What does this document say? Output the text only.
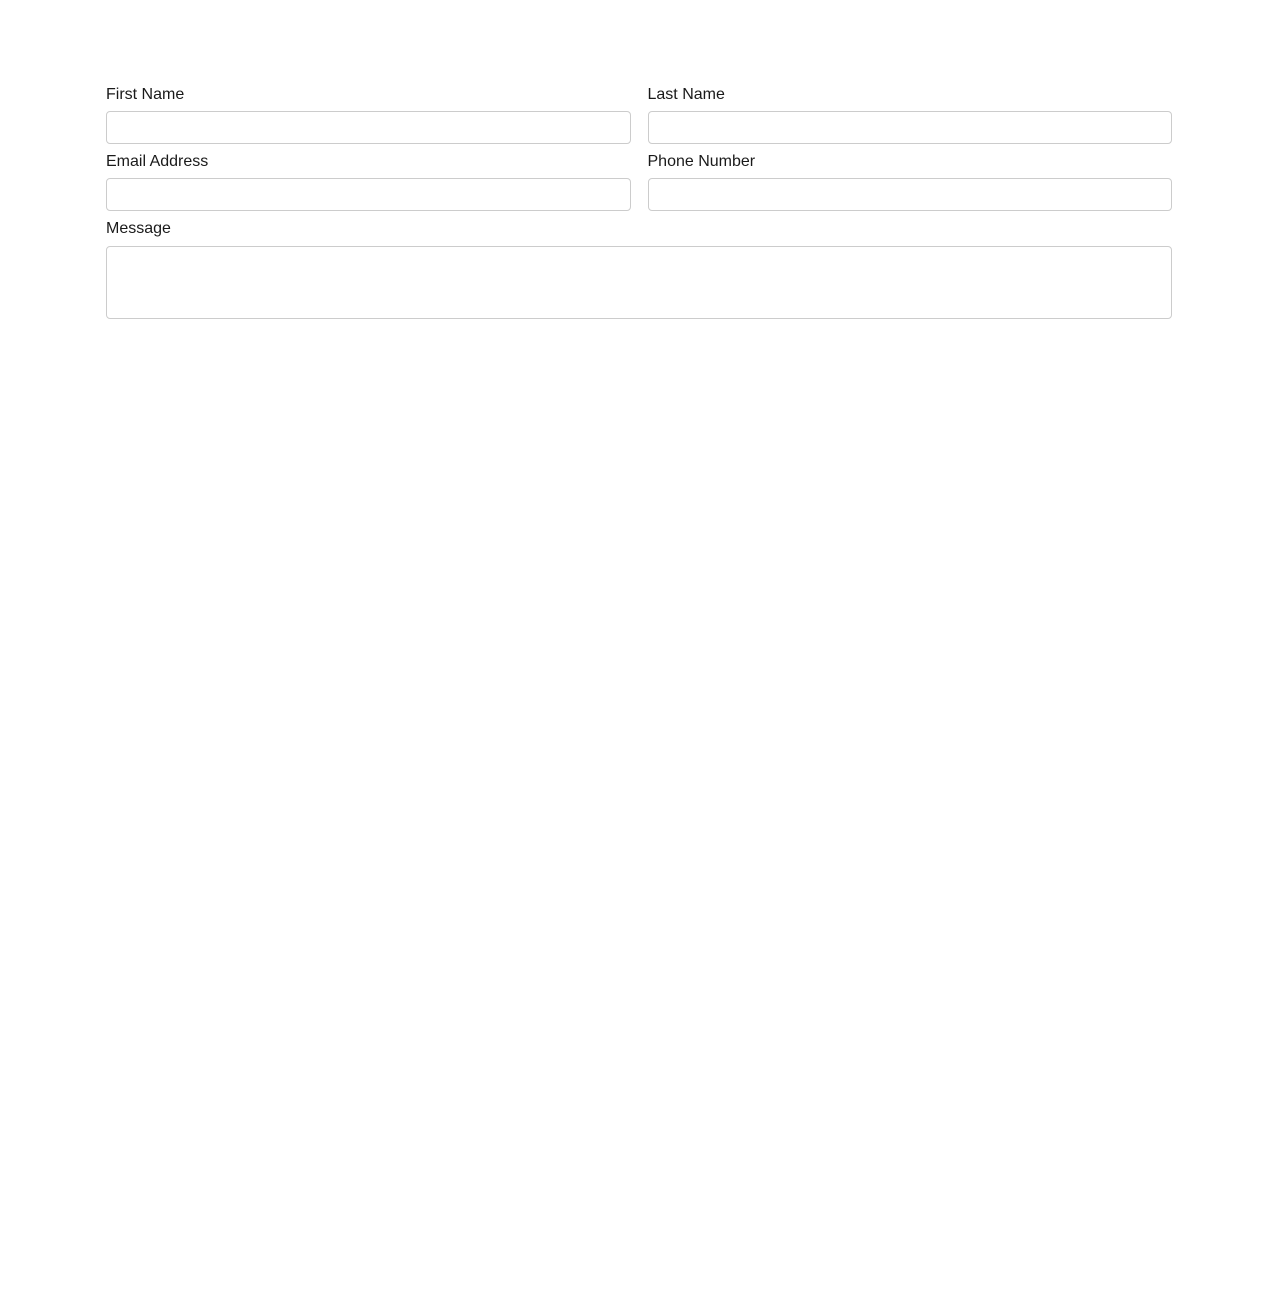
First Name	Last Name
Email Address	Phone Number
Message
